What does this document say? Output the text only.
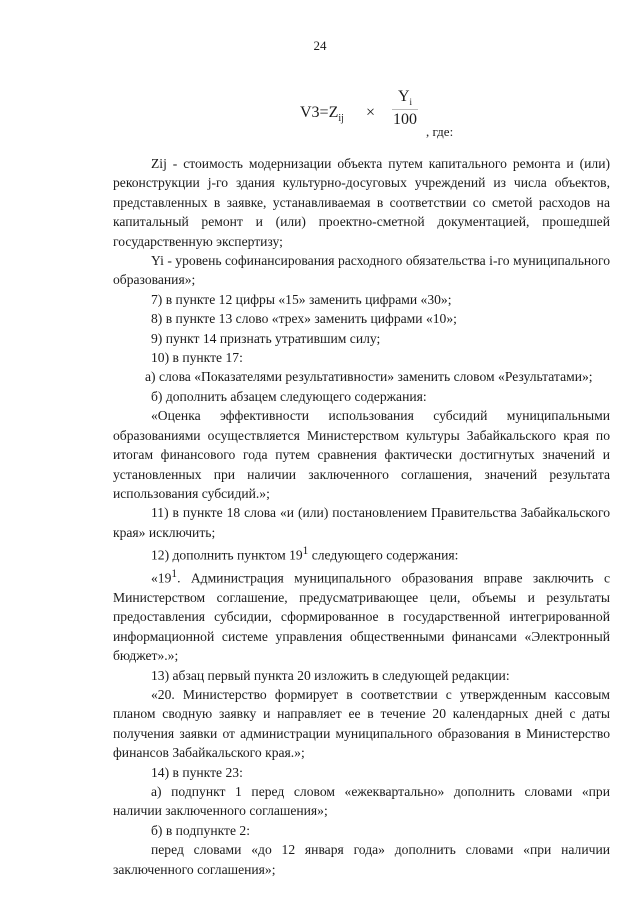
24
$V3=Z_{ij}$ ×
$Y_i$
100
, где:

Zij - стоимость модернизации объекта путем капитального ремонта и (или) реконструкции j-го здания культурно-досуговых учреждений из числа объектов, представленных в заявке, устанавливаемая в соответствии со сметой расходов на капитальный ремонт и (или) проектно-сметной документацией, прошедшей государственную экспертизу;

Yi - уровень софинансирования расходного обязательства i-го муниципального образования»;

7) в пункте 12 цифры «15» заменить цифрами «30»;

8) в пункте 13 слово «трех» заменить цифрами «10»;

9) пункт 14 признать утратившим силу;

10) в пункте 17:

а) слова «Показателями результативности» заменить словом «Результатами»;

б) дополнить абзацем следующего содержания:

«Оценка эффективности использования субсидий муниципальными образованиями осуществляется Министерством культуры Забайкальского края по итогам финансового года путем сравнения фактически достигнутых значений и установленных при наличии заключенного соглашения, значений результата использования субсидий.»;

11) в пункте 18 слова «и (или) постановлением Правительства Забайкальского края» исключить;

12) дополнить пунктом $19^1$ следующего содержания:

«$19^1$. Администрация муниципального образования вправе заключить с Министерством соглашение, предусматривающее цели, объемы и результаты предоставления субсидии, сформированное в государственной интегрированной информационной системе управления общественными финансами «Электронный бюджет».»;

13) абзац первый пункта 20 изложить в следующей редакции:

«20. Министерство формирует в соответствии с утвержденным кассовым планом сводную заявку и направляет ее в течение 20 календарных дней с даты получения заявки от администрации муниципального образования в Министерство финансов Забайкальского края.»;

14) в пункте 23:

а) подпункт 1 перед словом «ежеквартально» дополнить словами «при наличии заключенного соглашения»;

б) в подпункте 2:

перед словами «до 12 января года» дополнить словами «при наличии заключенного соглашения»;
